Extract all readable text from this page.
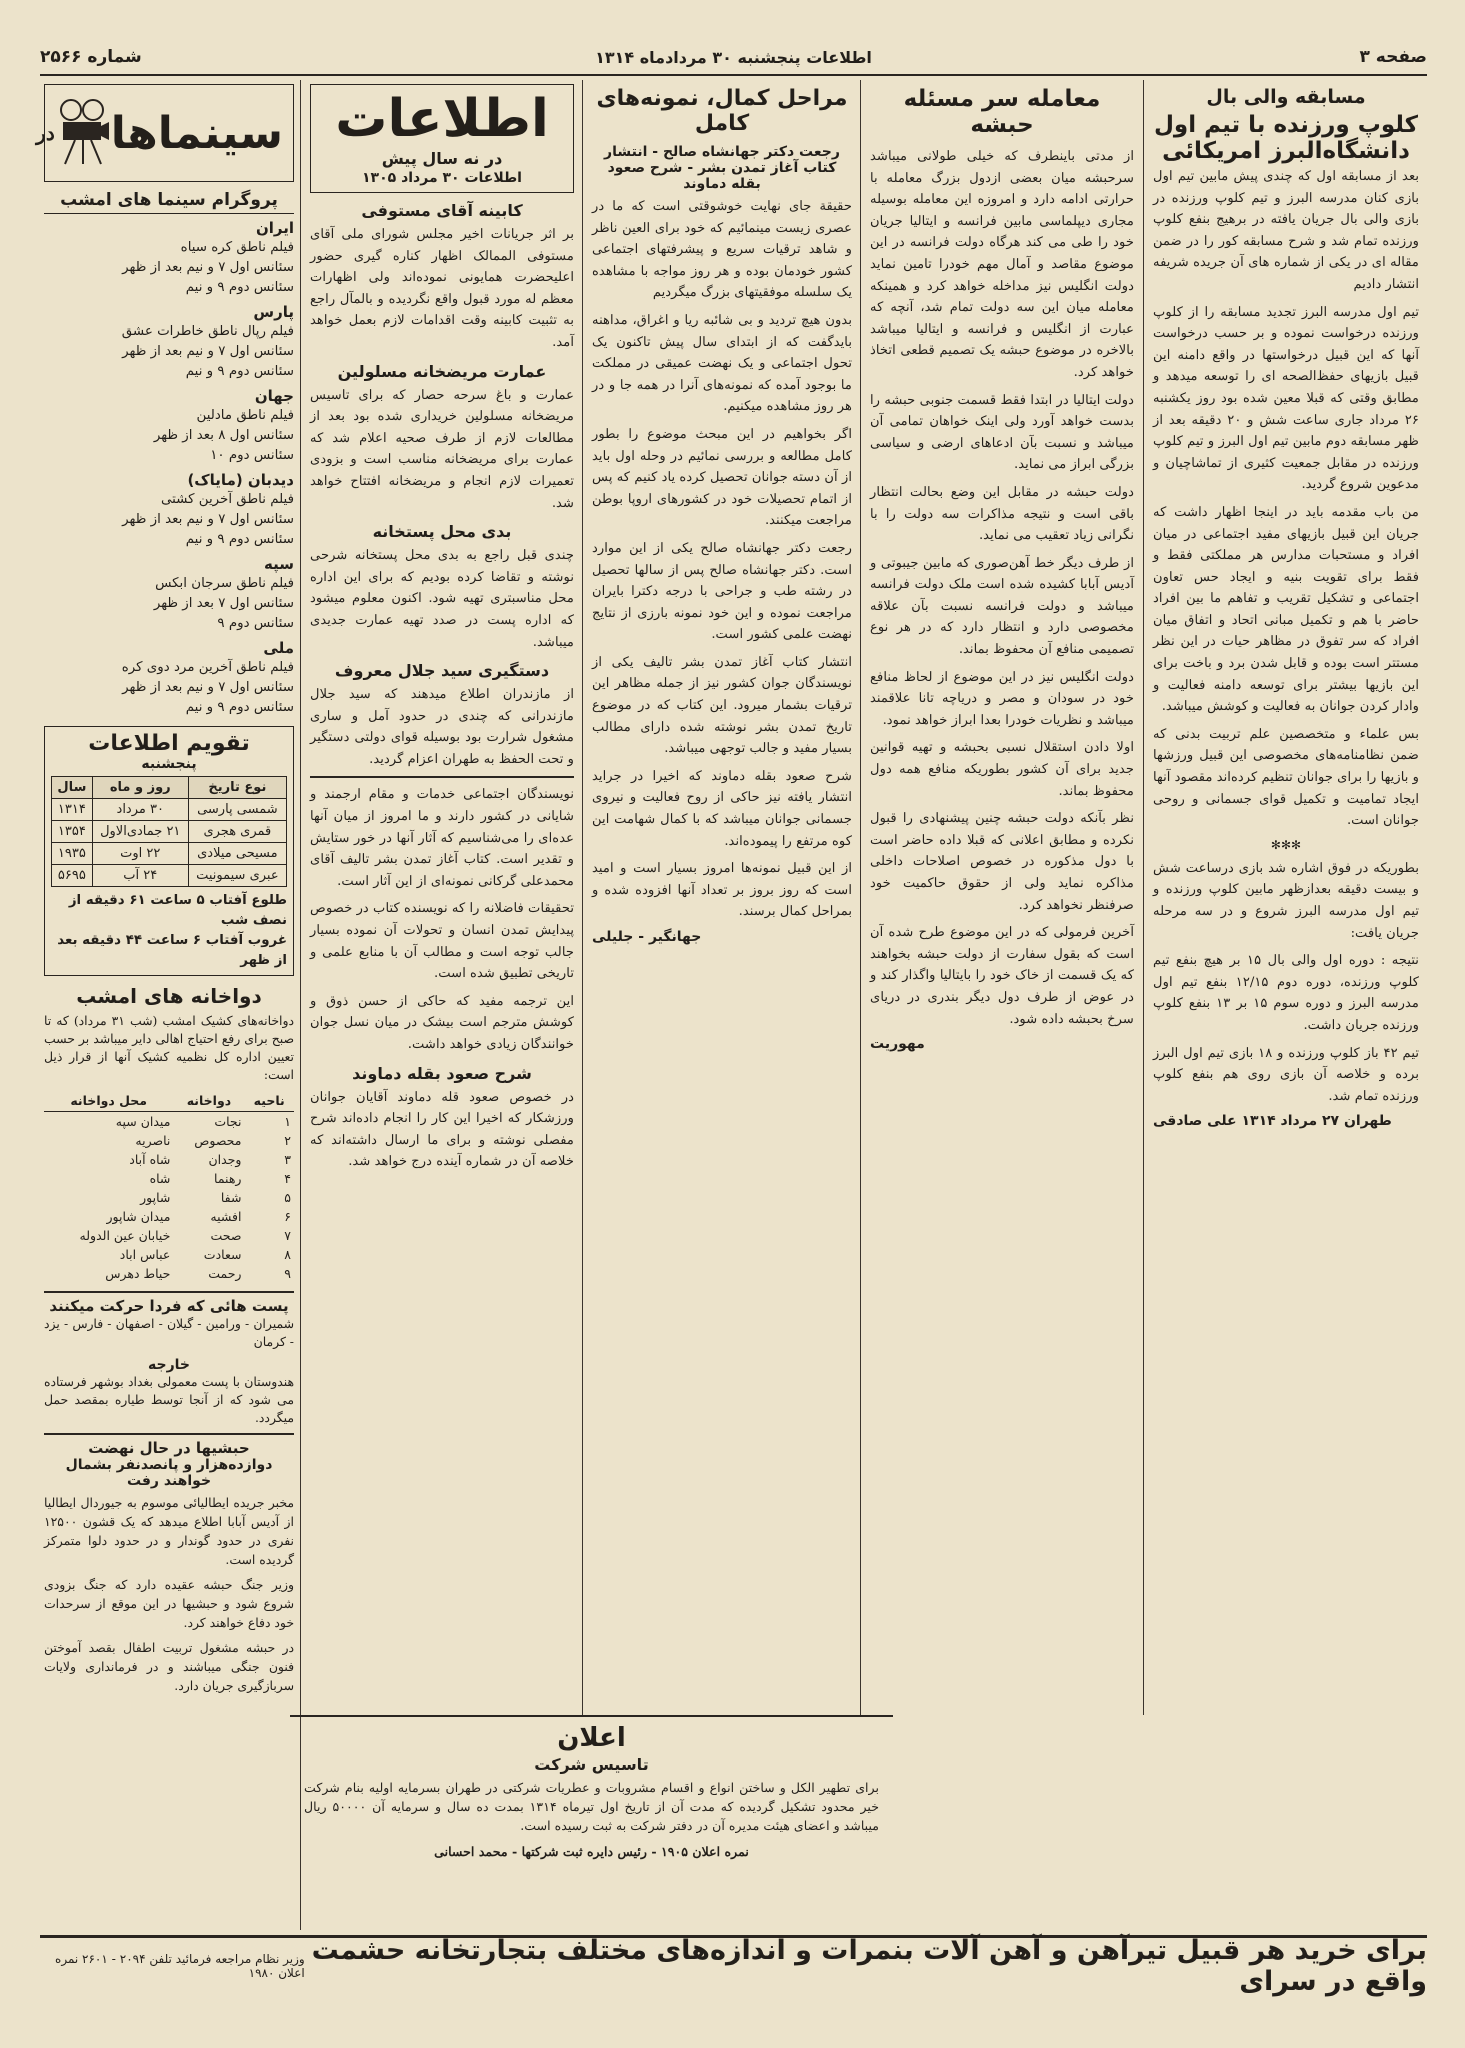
صفحه ۳
اطلاعات پنجشنبه ۳۰ مردادماه ۱۳۱۴
شماره ۲۵۶۶
مسابقه والی بال
کلوپ ورزنده با تیم اول دانشگاه‌البرز امریکائی

بعد از مسابقه اول که چندی پیش مابین تیم اول بازی کنان مدرسه البرز و تیم کلوپ ورزنده در بازی والی بال جریان یافته در برهیج بنفع کلوپ ورزنده تمام شد و شرح مسابقه کور را در ضمن مقاله ای در یکی از شماره های آن جریده شریفه انتشار دادیم

تیم اول مدرسه البرز تجدید مسابقه را از کلوپ ورزنده درخواست نموده و بر حسب درخواست آنها که این قبیل درخواستها در واقع دامنه این قبیل بازیهای حفظ‌الصحه ای را توسعه میدهد و مطابق وقتی که قبلا معین شده بود روز یکشنبه ۲۶ مرداد جاری ساعت شش و ۲۰ دقیقه بعد از ظهر مسابقه دوم مابین تیم اول البرز و تیم کلوپ ورزنده در مقابل جمعیت کثیری از تماشاچیان و مدعوین شروع گردید.

من باب مقدمه باید در اینجا اظهار داشت که جریان این قبیل بازیهای مفید اجتماعی در میان افراد و مستحبات مدارس هر مملکتی فقط و فقط برای تقویت بنیه و ایجاد حس تعاون اجتماعی و تشکیل تقریب و تفاهم ما بین افراد حاضر با هم و تکمیل مبانی اتحاد و اتفاق میان افراد که سر تفوق در مظاهر حیات در این نظر مستتر است بوده و قابل شدن برد و باخت برای این بازیها بیشتر برای توسعه دامنه فعالیت و وادار کردن جوانان به فعالیت و کوشش میباشد.

بس علماء و متخصصین علم تربیت بدنی که ضمن نظامنامه‌های مخصوصی این قبیل ورزشها و بازیها را برای جوانان تنظیم کرده‌اند مقصود آنها ایجاد تمامیت و تکمیل قوای جسمانی و روحی جوانان است.

✻✻✻

بطوریکه در فوق اشاره شد بازی درساعت شش و بیست دقیقه بعدازظهر مابین کلوپ ورزنده و تیم اول مدرسه البرز شروع و در سه مرحله جریان یافت:

نتیجه : دوره اول والی بال ۱۵ بر هیچ بنفع تیم کلوپ ورزنده، دوره دوم ۱۲/۱۵ بنفع تیم اول مدرسه البرز و دوره سوم ۱۵ بر ۱۳ بنفع کلوپ ورزنده جریان داشت.

تیم ۴۲ باز کلوپ ورزنده و ۱۸ بازی تیم اول البرز برده و خلاصه آن بازی روی هم بنفع کلوپ ورزنده تمام شد.

طهران ۲۷ مرداد ۱۳۱۴ علی صادقی
معامله سر مسئله حبشه

از مدتی باینطرف که خیلی طولانی میباشد سرحبشه میان بعضی ازدول بزرگ معامله با حرارتی ادامه دارد و امروزه این معامله بوسیله مجاری دیپلماسی مابین فرانسه و ایتالیا جریان خود را طی می کند هرگاه دولت فرانسه در این موضوع مقاصد و آمال مهم خودرا تامین نماید دولت انگلیس نیز مداخله خواهد کرد و همینکه معامله میان این سه دولت تمام شد، آنچه که عبارت از انگلیس و فرانسه و ایتالیا میباشد بالاخره در موضوع حبشه یک تصمیم قطعی اتخاذ خواهد کرد.

دولت ایتالیا در ابتدا فقط قسمت جنوبی حبشه را بدست خواهد آورد ولی اینک خواهان تمامی آن میباشد و نسبت بآن ادعاهای ارضی و سیاسی بزرگی ابراز می نماید.

دولت حبشه در مقابل این وضع بحالت انتظار باقی است و نتیجه مذاکرات سه دولت را با نگرانی زیاد تعقیب می نماید.

از طرف دیگر خط آهن‌صوری که مابین جیبوتی و آدیس آبابا کشیده شده است ملک دولت فرانسه میباشد و دولت فرانسه نسبت بآن علاقه مخصوصی دارد و انتظار دارد که در هر نوع تصمیمی منافع آن محفوظ بماند.

دولت انگلیس نیز در این موضوع از لحاظ منافع خود در سودان و مصر و دریاچه تانا علاقمند میباشد و نظریات خودرا بعدا ابراز خواهد نمود.

اولا دادن استقلال نسبی بحبشه و تهیه قوانین جدید برای آن کشور بطوریکه منافع همه دول محفوظ بماند.

نظر بآنکه دولت حبشه چنین پیشنهادی را قبول نکرده و مطابق اعلانی که قبلا داده حاضر است با دول مذکوره در خصوص اصلاحات داخلی مذاکره نماید ولی از حقوق حاکمیت خود صرفنظر نخواهد کرد.

آخرین فرمولی که در این موضوع طرح شده آن است که بقول سفارت از دولت حبشه بخواهند که یک قسمت از خاک خود را بایتالیا واگذار کند و در عوض از طرف دول دیگر بندری در دریای سرخ بحبشه داده شود.

مهوریت
مراحل کمال، نمونه‌های کامل
رجعت دکتر جهانشاه صالح - انتشار کتاب آغاز تمدن بشر - شرح صعود بقله دماوند

حقیقة جای نهایت خوشوقتی است که ما در عصری زیست مینمائیم که خود برای العین ناظر و شاهد ترقیات سریع و پیشرفتهای اجتماعی کشور خودمان بوده و هر روز مواجه با مشاهده یک سلسله موفقیتهای بزرگ میگردیم

بدون هیچ تردید و بی شائبه ریا و اغراق، مداهنه بایدگفت که از ابتدای سال پیش تاکنون یک تحول اجتماعی و یک نهضت عمیقی در مملکت ما بوجود آمده که نمونه‌های آنرا در همه جا و در هر روز مشاهده میکنیم.

اگر بخواهیم در این مبحث موضوع را بطور کامل مطالعه و بررسی نمائیم در وحله اول باید از آن دسته جوانان تحصیل کرده یاد کنیم که پس از اتمام تحصیلات خود در کشورهای اروپا بوطن مراجعت میکنند.

رجعت دکتر جهانشاه صالح یکی از این موارد است. دکتر جهانشاه صالح پس از سالها تحصیل در رشته طب و جراحی با درجه دکترا بایران مراجعت نموده و این خود نمونه بارزی از نتایج نهضت علمی کشور است.

انتشار کتاب آغاز تمدن بشر تالیف یکی از نویسندگان جوان کشور نیز از جمله مظاهر این ترقیات بشمار میرود. این کتاب که در موضوع تاریخ تمدن بشر نوشته شده دارای مطالب بسیار مفید و جالب توجهی میباشد.

شرح صعود بقله دماوند که اخیرا در جراید انتشار یافته نیز حاکی از روح فعالیت و نیروی جسمانی جوانان میباشد که با کمال شهامت این کوه مرتفع را پیموده‌اند.

از این قبیل نمونه‌ها امروز بسیار است و امید است که روز بروز بر تعداد آنها افزوده شده و بمراحل کمال برسند.

جهانگیر - جلیلی
اطلاعات
در نه سال پیش
اطلاعات ۳۰ مرداد ۱۳۰۵
کابینه آقای مستوفی

بر اثر جریانات اخیر مجلس شورای ملی آقای مستوفی الممالک اظهار کناره گیری حضور اعلیحضرت همایونی نموده‌اند ولی اظهارات معظم له مورد قبول واقع نگردیده و بالمآل راجع به تثبیت کابینه وقت اقدامات لازم بعمل خواهد آمد.

عمارت مریضخانه مسلولین

عمارت و باغ سرحه حصار که برای تاسیس مریضخانه مسلولین خریداری شده بود بعد از مطالعات لازم از طرف صحیه اعلام شد که عمارت برای مریضخانه مناسب است و بزودی تعمیرات لازم انجام و مریضخانه افتتاح خواهد شد.

بدی محل پستخانه

چندی قبل راجع به بدی محل پستخانه شرحی نوشته و تقاضا کرده بودیم که برای این اداره محل مناسبتری تهیه شود. اکنون معلوم میشود که اداره پست در صدد تهیه عمارت جدیدی میباشد.

دستگیری سید جلال معروف

از مازندران اطلاع میدهند که سید جلال مازندرانی که چندی در حدود آمل و ساری مشغول شرارت بود بوسیله قوای دولتی دستگیر و تحت الحفظ به طهران اعزام گردید.

نویسندگان اجتماعی خدمات و مقام ارجمند و شایانی در کشور دارند و ما امروز از میان آنها عده‌ای را می‌شناسیم که آثار آنها در خور ستایش و تقدیر است. کتاب آغاز تمدن بشر تالیف آقای محمدعلی گرکانی نمونه‌ای از این آثار است.

تحقیقات فاضلانه را که نویسنده کتاب در خصوص پیدایش تمدن انسان و تحولات آن نموده بسیار جالب توجه است و مطالب آن با منابع علمی و تاریخی تطبیق شده است.

این ترجمه مفید که حاکی از حسن ذوق و کوشش مترجم است بیشک در میان نسل جوان خوانندگان زیادی خواهد داشت.

شرح صعود بقله دماوند

در خصوص صعود قله دماوند آقایان جوانان ورزشکار که اخیرا این کار را انجام داده‌اند شرح مفصلی نوشته و برای ما ارسال داشته‌اند که خلاصه آن در شماره آینده درج خواهد شد.

سینما‌ها
در
پروگرام سینما های امشب
ایران
فیلم ناطق کره سیاه
سئانس اول ۷ و نیم بعد از ظهر
سئانس دوم ۹ و نیم
پارس
فیلم رپال ناطق خاطرات عشق
سئانس اول ۷ و نیم بعد از ظهر
سئانس دوم ۹ و نیم
جهان
فیلم ناطق مادلین
سئانس اول ۸ بعد از ظهر
سئانس دوم ۱۰
دیدبان (مایاک)
فیلم ناطق آخرین کشتی
سئانس اول ۷ و نیم بعد از ظهر
سئانس دوم ۹ و نیم
سپه
فیلم ناطق سرجان ابکس
سئانس اول ۷ بعد از ظهر
سئانس دوم ۹
ملی
فیلم ناطق آخرین مرد دوی کره
سئانس اول ۷ و نیم بعد از ظهر
سئانس دوم ۹ و نیم
تقویم اطلاعات
پنجشنبه
نوع تاریخ	روز و ماه	سال
شمسی پارسی	۳۰ مرداد	۱۳۱۴
قمری هجری	۲۱ جمادی‌الاول	۱۳۵۴
مسیحی میلادی	۲۲ اوت	۱۹۳۵
عبری سیمونیت	۲۴ آب	۵۶۹۵
طلوع آفتاب ۵ ساعت ۶۱ دقیقه از نصف شب
غروب آفتاب ۶ ساعت ۴۴ دقیقه بعد از ظهر
دواخانه های امشب

دواخانه‌های کشیک امشب (شب ۳۱ مرداد) که تا صبح برای رفع احتیاج اهالی دایر میباشد بر حسب تعیین اداره کل نظمیه کشیک آنها از قرار ذیل است:

ناحیه	دواخانه	محل دواخانه
۱	نجات	میدان سپه
۲	محصوص	ناصریه
۳	وجدان	شاه آباد
۴	رهنما	شاه
۵	شفا	شاپور
۶	افشیه	میدان شاپور
۷	صحت	خیابان عین الدوله
۸	سعادت	عباس اباد
۹	رحمت	حیاط دهرس
پست هائی که فردا حرکت میکنند

شمیران - ورامین - گیلان - اصفهان - فارس - یزد - کرمان

خارجه

هندوستان با پست معمولی بغداد بوشهر فرستاده می شود که از آنجا توسط طیاره بمقصد حمل میگردد.

حبشیها در حال نهضت
دوازده‌هزار و پانصدنفر بشمال خواهند رفت

مخبر جریده ایطالیائی موسوم به جیوردال ایطالیا از آدیس آبابا اطلاع میدهد که یک قشون ۱۲۵۰۰ نفری در حدود گوندار و در حدود دلوا متمرکز گردیده است.

وزیر جنگ حبشه عقیده دارد که جنگ بزودی شروع شود و حبشیها در این موقع از سرحدات خود دفاع خواهند کرد.

در حبشه مشغول تربیت اطفال بقصد آموختن فنون جنگی میباشند و در فرمانداری ولایات سربازگیری جریان دارد.

اعلان
تاسیس شرکت

برای تطهیر الکل و ساختن انواع و اقسام مشروبات و عطریات شرکتی در طهران بسرمایه اولیه بنام شرکت خیر محدود تشکیل گردیده که مدت آن از تاریخ اول تیرماه ۱۳۱۴ بمدت ده سال و سرمایه آن ۵۰۰۰۰ ریال میباشد و اعضای هیئت مدیره آن در دفتر شرکت به ثبت رسیده است.

نمره اعلان ۱۹۰۵ - رئیس دایره ثبت شرکتها - محمد احسانی

برای خرید هر قبیل تیرآهن و آهن آلات بنمرات و اندازه‌های مختلف بتجارتخانه حشمت واقع در سرای
وزیر نظام مراجعه فرمائید تلفن ۲۰۹۴ - ۲۶۰۱ نمره اعلان ۱۹۸۰
